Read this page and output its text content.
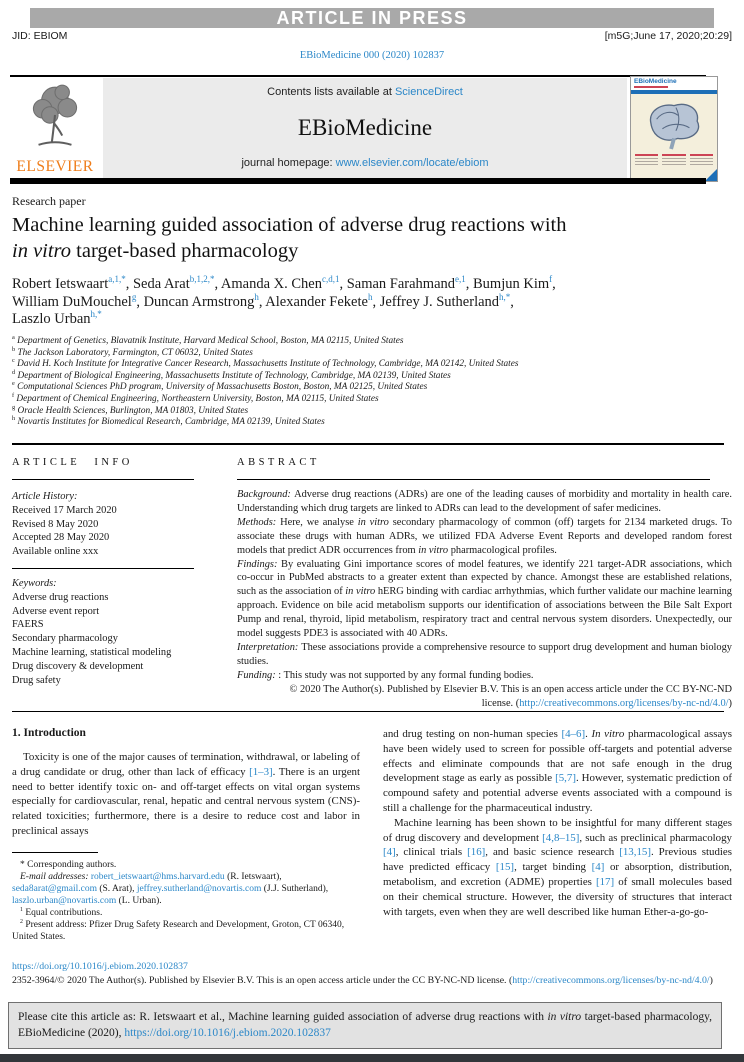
ARTICLE IN PRESS
JID: EBIOM	[m5G;June 17, 2020;20:29]
EBioMedicine 000 (2020) 102837
ELSEVIER
Contents lists available at ScienceDirect
EBioMedicine
journal homepage: www.elsevier.com/locate/ebiom
EBioMedicine
Research paper
Machine learning guided association of adverse drug reactions with
in vitro target-based pharmacology
Robert Ietswaart$^{a,1,*}$, Seda Arat$^{b,1,2,*}$, Amanda X. Chen$^{c,d,1}$, Saman Farahmand$^{e,1}$, Bumjun Kim$^f$,
William DuMouchel$^g$, Duncan Armstrong$^h$, Alexander Fekete$^h$, Jeffrey J. Sutherland$^{h,*}$,
Laszlo Urban$^{h,*}$
$^a$ Department of Genetics, Blavatnik Institute, Harvard Medical School, Boston, MA 02115, United States
$^b$ The Jackson Laboratory, Farmington, CT 06032, United States
$^c$ David H. Koch Institute for Integrative Cancer Research, Massachusetts Institute of Technology, Cambridge, MA 02142, United States
$^d$ Department of Biological Engineering, Massachusetts Institute of Technology, Cambridge, MA 02139, United States
$^e$ Computational Sciences PhD program, University of Massachusetts Boston, Boston, MA 02125, United States
$^f$ Department of Chemical Engineering, Northeastern University, Boston, MA 02115, United States
$^g$ Oracle Health Sciences, Burlington, MA 01803, United States
$^h$ Novartis Institutes for Biomedical Research, Cambridge, MA 02139, United States
ARTICLE INFO	ABSTRACT
Article History:
Received 17 March 2020
Revised 8 May 2020
Accepted 28 May 2020
Available online xxx
Keywords:
Adverse drug reactions
Adverse event report
FAERS
Secondary pharmacology
Machine learning, statistical modeling
Drug discovery & development
Drug safety
Background: Adverse drug reactions (ADRs) are one of the leading causes of morbidity and mortality in health care. Understanding which drug targets are linked to ADRs can lead to the development of safer medicines.
Methods: Here, we analyse in vitro secondary pharmacology of common (off) targets for 2134 marketed drugs. To associate these drugs with human ADRs, we utilized FDA Adverse Event Reports and developed random forest models that predict ADR occurrences from in vitro pharmacological profiles.
Findings: By evaluating Gini importance scores of model features, we identify 221 target-ADR associations, which co-occur in PubMed abstracts to a greater extent than expected by chance. Amongst these are established relations, such as the association of in vitro hERG binding with cardiac arrhythmias, which further validate our machine learning approach. Evidence on bile acid metabolism supports our identification of associations between the Bile Salt Export Pump and renal, thyroid, lipid metabolism, respiratory tract and central nervous system disorders. Unexpectedly, our model suggests PDE3 is associated with 40 ADRs.
Interpretation: These associations provide a comprehensive resource to support drug development and human biology studies.
Funding: : This study was not supported by any formal funding bodies.
© 2020 The Author(s). Published by Elsevier B.V. This is an open access article under the CC BY-NC-ND
license. (http://creativecommons.org/licenses/by-nc-nd/4.0/)
1. Introduction

Toxicity is one of the major causes of termination, withdrawal, or labeling of a drug candidate or drug, other than lack of efficacy [1–3]. There is an urgent need to better identify toxic on- and off-target effects on vital organ systems especially for cardiovascular, renal, hepatic and central nervous system (CNS)-related toxicities; furthermore, there is a desire to reduce cost and labor in preclinical assays

and drug testing on non-human species [4–6]. In vitro pharmacological assays have been widely used to screen for possible off-targets and potential adverse effects and eliminate compounds that are not safe enough in the drug development stage as early as possible [5,7]. However, systematic prediction of compound safety and potential adverse events associated with a compound is still a challenge for the pharmaceutical industry.

Machine learning has been shown to be insightful for many different stages of drug discovery and development [4,8–15], such as preclinical pharmacology [4], clinical trials [16], and basic science research [13,15]. Previous studies have predicted efficacy [15], target binding [4] or absorption, distribution, metabolism, and excretion (ADME) properties [17] of small molecules based on their chemical structure. However, the diversity of structures that interact with targets, even when they are well described like human Ether-a-go-go-

* Corresponding authors.
E-mail addresses: robert_ietswaart@hms.harvard.edu (R. Ietswaart),
seda8arat@gmail.com (S. Arat), jeffrey.sutherland@novartis.com (J.J. Sutherland),
laszlo.urban@novartis.com (L. Urban).
$^1$ Equal contributions.
$^2$ Present address: Pfizer Drug Safety Research and Development, Groton, CT 06340, United States.
https://doi.org/10.1016/j.ebiom.2020.102837
2352-3964/© 2020 The Author(s). Published by Elsevier B.V. This is an open access article under the CC BY-NC-ND license. (http://creativecommons.org/licenses/by-nc-nd/4.0/)
Please cite this article as: R. Ietswaart et al., Machine learning guided association of adverse drug reactions with in vitro target-based pharmacology, EBioMedicine (2020), https://doi.org/10.1016/j.ebiom.2020.102837
